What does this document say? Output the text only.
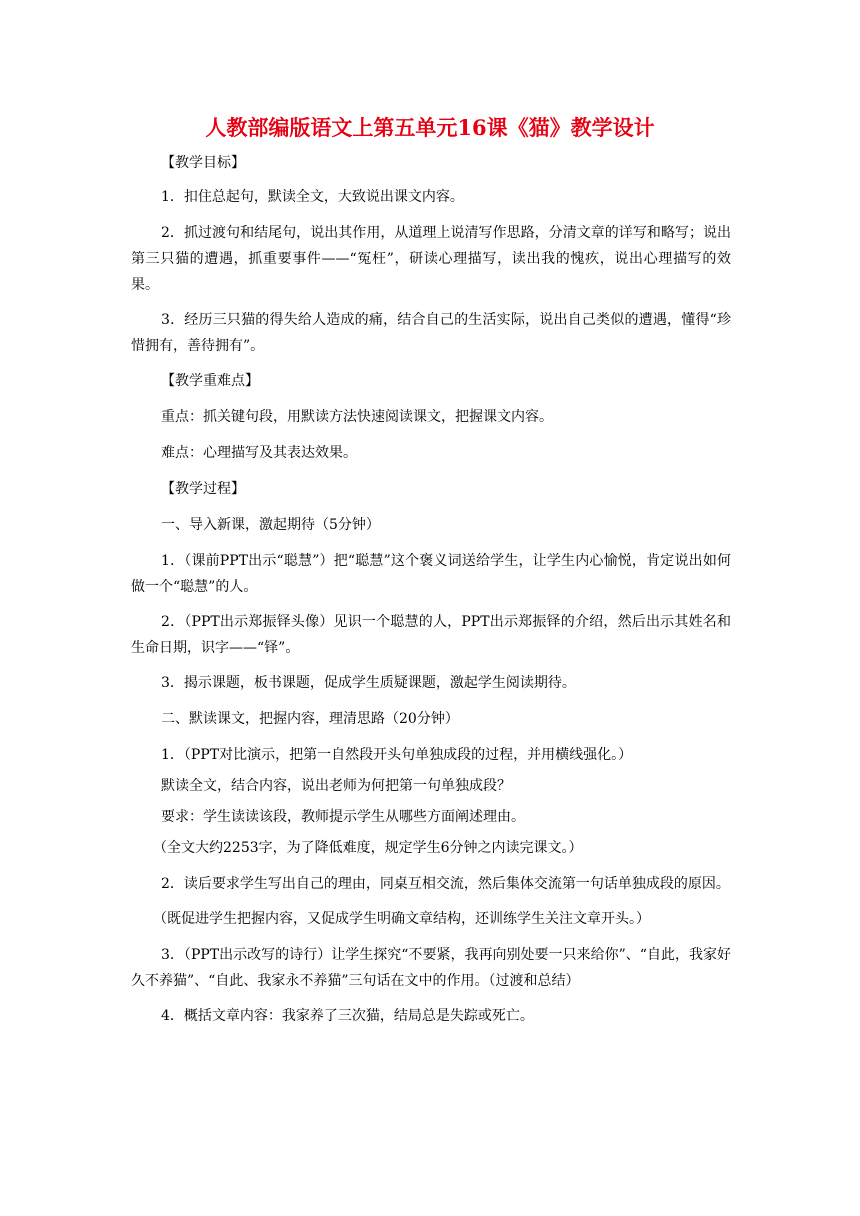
人教部编版语文上第五单元16课《猫》教学设计

【教学目标】

1．扣住总起句，默读全文，大致说出课文内容。

2．抓过渡句和结尾句，说出其作用，从道理上说清写作思路，分清文章的详写和略写；说出第三只猫的遭遇，抓重要事件——“冤枉”，研读心理描写，读出我的愧疚，说出心理描写的效果。

3．经历三只猫的得失给人造成的痛，结合自己的生活实际，说出自己类似的遭遇，懂得“珍惜拥有，善待拥有”。

【教学重难点】

重点：抓关键句段，用默读方法快速阅读课文，把握课文内容。

难点：心理描写及其表达效果。

【教学过程】

一、导入新课，激起期待（5分钟）

1．（课前PPT出示“聪慧”）把“聪慧”这个褒义词送给学生，让学生内心愉悦，肯定说出如何做一个“聪慧”的人。

2．（PPT出示郑振铎头像）见识一个聪慧的人，PPT出示郑振铎的介绍，然后出示其姓名和生命日期，识字——“铎”。

3．揭示课题，板书课题，促成学生质疑课题，激起学生阅读期待。

二、默读课文，把握内容，理清思路（20分钟）

1．（PPT对比演示，把第一自然段开头句单独成段的过程，并用横线强化。）

默读全文，结合内容，说出老师为何把第一句单独成段？

要求：学生读读该段，教师提示学生从哪些方面阐述理由。

（全文大约2253字，为了降低难度，规定学生6分钟之内读完课文。）

2．读后要求学生写出自己的理由，同桌互相交流，然后集体交流第一句话单独成段的原因。

（既促进学生把握内容，又促成学生明确文章结构，还训练学生关注文章开头。）

3．（PPT出示改写的诗行）让学生探究“不要紧，我再向别处要一只来给你”、“自此，我家好久不养猫”、“自此、我家永不养猫”三句话在文中的作用。（过渡和总结）

4．概括文章内容：我家养了三次猫，结局总是失踪或死亡。
